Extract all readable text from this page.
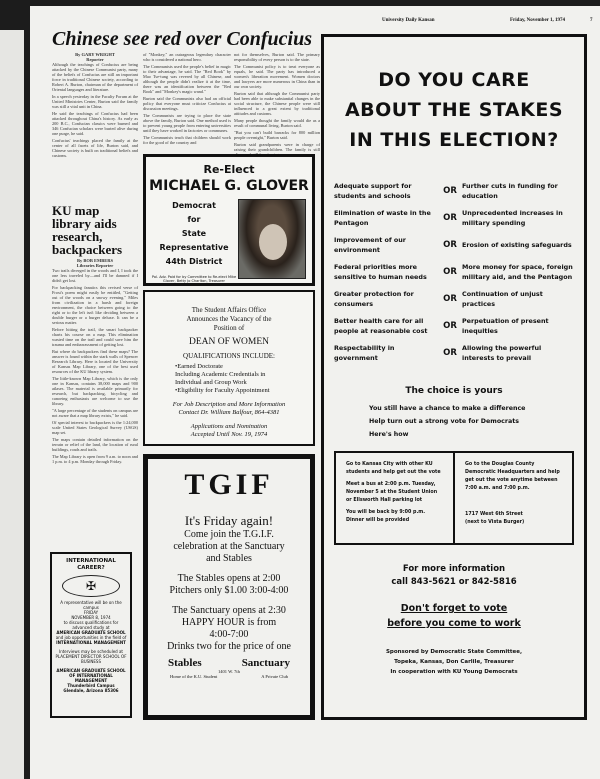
University Daily Kansan	Friday, November 1, 1974	7
Chinese see red over Confucius
By GARY WRIGHT
Reporter

Although the teachings of Confucius are being attacked by the Chinese Communist party, many of the beliefs of Confucius are still an important force in traditional Chinese society, according to Robert A. Burton, chairman of the department of Oriental languages and literature.

In a speech yesterday in the Faculty Forum at the United Ministries Center, Burton said the family was still a vital unit in China.

He said the teachings of Confucius had been attacked throughout China's history. As early as 200 B.C., Confucian classics were burned and 346 Confucian scholars were buried alive during one purge, he said.

Confucius' teachings placed the family at the center of all facets of life, Burton said, and Chinese society is built on traditional beliefs and customs.

of "Monkey," an outrageous legendary character who is considered a national hero.

The Communists used the people's belief in magic to their advantage, he said. The "Red Book" by Mao Tse-tung was revered by all Chinese, and although the people didn't realize it at the time, there was an identification between the "Red Book" and "Monkey's magic wand."

Burton said the Communists also had an official policy that everyone must criticize Confucius at discussion meetings.

The Communists are trying to place the state above the family, Burton said. One method used is to prevent young people from entering universities until they have worked in factories or communes.

The Communists teach that children should work for the good of the country and

not for themselves, Burton said. The primary responsibility of every person is to the state.

The Communist policy is to treat everyone as equals, he said. The party has introduced a women's liberation movement. Women doctors and lawyers are more numerous in China than in our own society.

Burton said that although the Communist party had been able to make substantial changes in the social structure, the Chinese people were still influenced to a great extent by traditional attitudes and customs.

Many people thought the family would die as a result of communal living, Burton said.

"But you can't build barracks for 800 million people overnight," Burton said.

Burton said grandparents were in charge of raising their grandchildren. The family is still

KU map library aids research, backpackers
By BOB EMBERS
Libraries Reporter

Two trails diverged in the woods and I, I took the one less traveled by—and I'll be damned if I didn't get lost.

For backpacking fanatics this revised verse of Frost's poem might easily be entitled, "Getting out of the woods on a snowy evening." Miles from civilization in a harsh and foreign environment, the choice between going to the right or to the left isn't like deciding between a double burger or a burger deluxe. It can be a serious matter.

Before hitting the trail, the smart backpacker charts his course on a map. This elimination wasted time on the trail and could save him the trauma and embarrassment of getting lost.

But where do backpackers find these maps? The answer is found within the stark walls of Spencer Research Library. Here is located the University of Kansas Map Library, one of the best used resources of the KU library system.

The little-known Map Library, which is the only one in Kansas, contains 38,000 maps and 900 atlases. The material is available primarily for research, but backpacking, bicycling and canoeing enthusiasts are welcome to use the library.

"A large percentage of the students on campus are not aware that a map library exists," he said.

Of special interest to backpackers is the 1:24,000 scale United States Geological Survey (USGS) map set.

The maps contain detailed information on the terrain or relief of the land, the location of rural buildings, roads and trails.

The Map Library is open from 9 a.m. to noon and 1 p.m. to 4 p.m. Monday through Friday.

Re-Elect
MICHAEL G. GLOVER
Democrat
for
State
Representative
44th District
Pol. Adv. Paid for by Committee to Re-elect Mike Glover, Betty Jo Charlton, Treasurer
The Student Affairs Office
Announces the Vacancy of the
Position of
DEAN OF WOMEN
QUALIFICATIONS INCLUDE:
•Earned Doctorate
Including Academic Credentials in
Individual and Group Work
•Eligibility for Faculty Appointment
For Job Description and More Information
Contact Dr. William Balfour, 864-4381
Applications and Nomination
Accepted Until Nov. 19, 1974
TGIF
It's Friday again!
Come join the T.G.I.F.
celebration at the Sanctuary
and Stables
The Stables opens at 2:00
Pitchers only $1.00 3:00-4:00
The Sanctuary opens at 2:30
HAPPY HOUR is from
4:00-7:00
Drinks two for the price of one
Stables	Sanctuary
1401 W. 7th
Home of the K.U. Student	A Private Club
INTERNATIONAL
CAREER?
✠
A representative will be on the campus
FRIDAY
NOVEMBER 8, 1974
to discuss qualifications for advanced study at
AMERICAN GRADUATE SCHOOL
and job opportunities in the field of
INTERNATIONAL MANAGEMENT
Interviews may be scheduled at
PLACEMENT DIRECTOR SCHOOL OF BUSINESS
AMERICAN GRADUATE SCHOOL OF INTERNATIONAL MANAGEMENT
Thunderbird Campus
Glendale, Arizona 85306
DO YOU CARE
ABOUT THE STAKES
IN THIS ELECTION?
Adequate support for students and schools	OR Further cuts in funding for education
Elimination of waste in the Pentagon	OR Unprecedented increases in military spending
Improvement of our environment	OR Erosion of existing safeguards
Federal priorities more sensitive to human needs	OR More money for space, foreign military aid, and the Pentagon
Greater protection for consumers	OR Continuation of unjust practices
Better health care for all people at reasonable cost	OR Perpetuation of present inequities
Respectability in government	OR Allowing the powerful interests to prevail
The choice is yours
You still have a chance to make a difference
Help turn out a strong vote for Democrats
Here's how
Go to Kansas City with other KU students and help get out the vote
Meet a bus at 2:00 p.m. Tuesday, November 5 at the Student Union or Ellsworth Hall parking lot
You will be back by 9:00 p.m.
Dinner will be provided
Go to the Douglas County Democratic Headquarters and help get out the vote anytime between 7:00 a.m. and 7:00 p.m.
1717 West 6th Street
(next to Vista Burger)
For more information
call 843-5621 or 842-5816
Don't forget to vote
before you come to work
Sponsored by Democratic State Committee,
Topeka, Kansas, Don Carlile, Treasurer
In cooperation with KU Young Democrats
